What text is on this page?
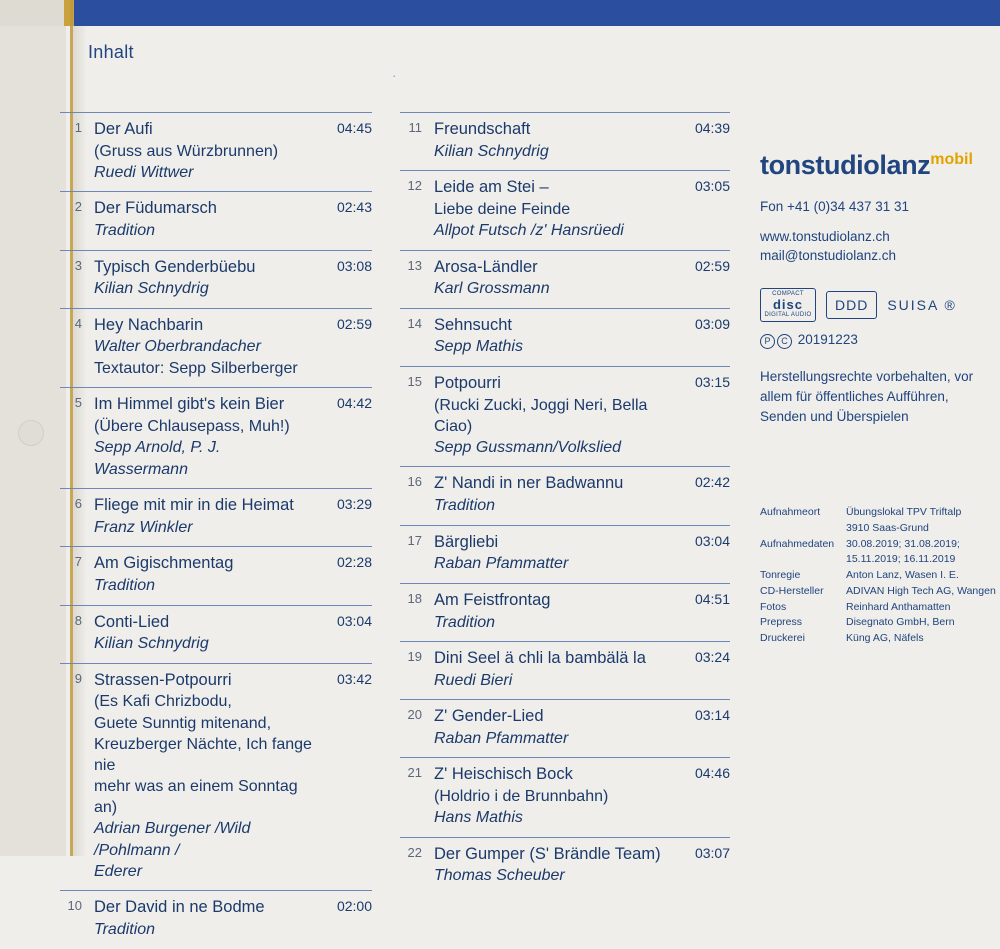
Inhalt
·
1	04:45
Der Aufi
(Gruss aus Würzbrunnen)
Ruedi Wittwer
2	02:43
Der Füdumarsch
Tradition
3	03:08
Typisch Genderbüebu
Kilian Schnydrig
4	02:59
Hey Nachbarin
Walter Oberbrandacher
Textautor: Sepp Silberberger
5	04:42
Im Himmel gibt's kein Bier
(Übere Chlausepass, Muh!)
Sepp Arnold, P. J. Wassermann
6	03:29
Fliege mit mir in die Heimat
Franz Winkler
7	02:28
Am Gigischmentag
Tradition
8	03:04
Conti-Lied
Kilian Schnydrig
9	03:42
Strassen-Potpourri
(Es Kafi Chrizbodu,
Guete Sunntig mitenand,
Kreuzberger Nächte, Ich fange nie
mehr was an einem Sonntag an)
Adrian Burgener /Wild /Pohlmann /
Ederer
10	02:00
Der David in ne Bodme
Tradition
11	04:39
Freundschaft
Kilian Schnydrig
12	03:05
Leide am Stei –
Liebe deine Feinde
Allpot Futsch /z' Hansrüedi
13	02:59
Arosa-Ländler
Karl Grossmann
14	03:09
Sehnsucht
Sepp Mathis
15	03:15
Potpourri
(Rucki Zucki, Joggi Neri, Bella Ciao)
Sepp Gussmann/Volkslied
16	02:42
Z' Nandi in ner Badwannu
Tradition
17	03:04
Bärgliebi
Raban Pfammatter
18	04:51
Am Feistfrontag
Tradition
19	03:24
Dini Seel ä chli la bambälä la
Ruedi Bieri
20	03:14
Z' Gender-Lied
Raban Pfammatter
21	04:46
Z' Heischisch Bock
(Holdrio i de Brunnbahn)
Hans Mathis
22	03:07
Der Gumper (S' Brändle Team)
Thomas Scheuber
tonstudiolanz$^{mobil}$
Fon +41 (0)34 437 31 31
www.tonstudiolanz.ch
mail@tonstudiolanz.ch
COMPACT
disc
DIGITAL AUDIO
DDD	SUISA ®
P C 20191223
Herstellungsrechte vorbehalten, vor allem für öffentliches Aufführen, Senden und Überspielen
Aufnahmeort	Übungslokal TPV Triftalp
3910 Saas-Grund
Aufnahmedaten	30.08.2019; 31.08.2019;
15.11.2019; 16.11.2019
Tonregie	Anton Lanz, Wasen I. E.
CD-Hersteller	ADIVAN High Tech AG, Wangen
Fotos	Reinhard Anthamatten
Prepress	Disegnato GmbH, Bern
Druckerei	Küng AG, Näfels
